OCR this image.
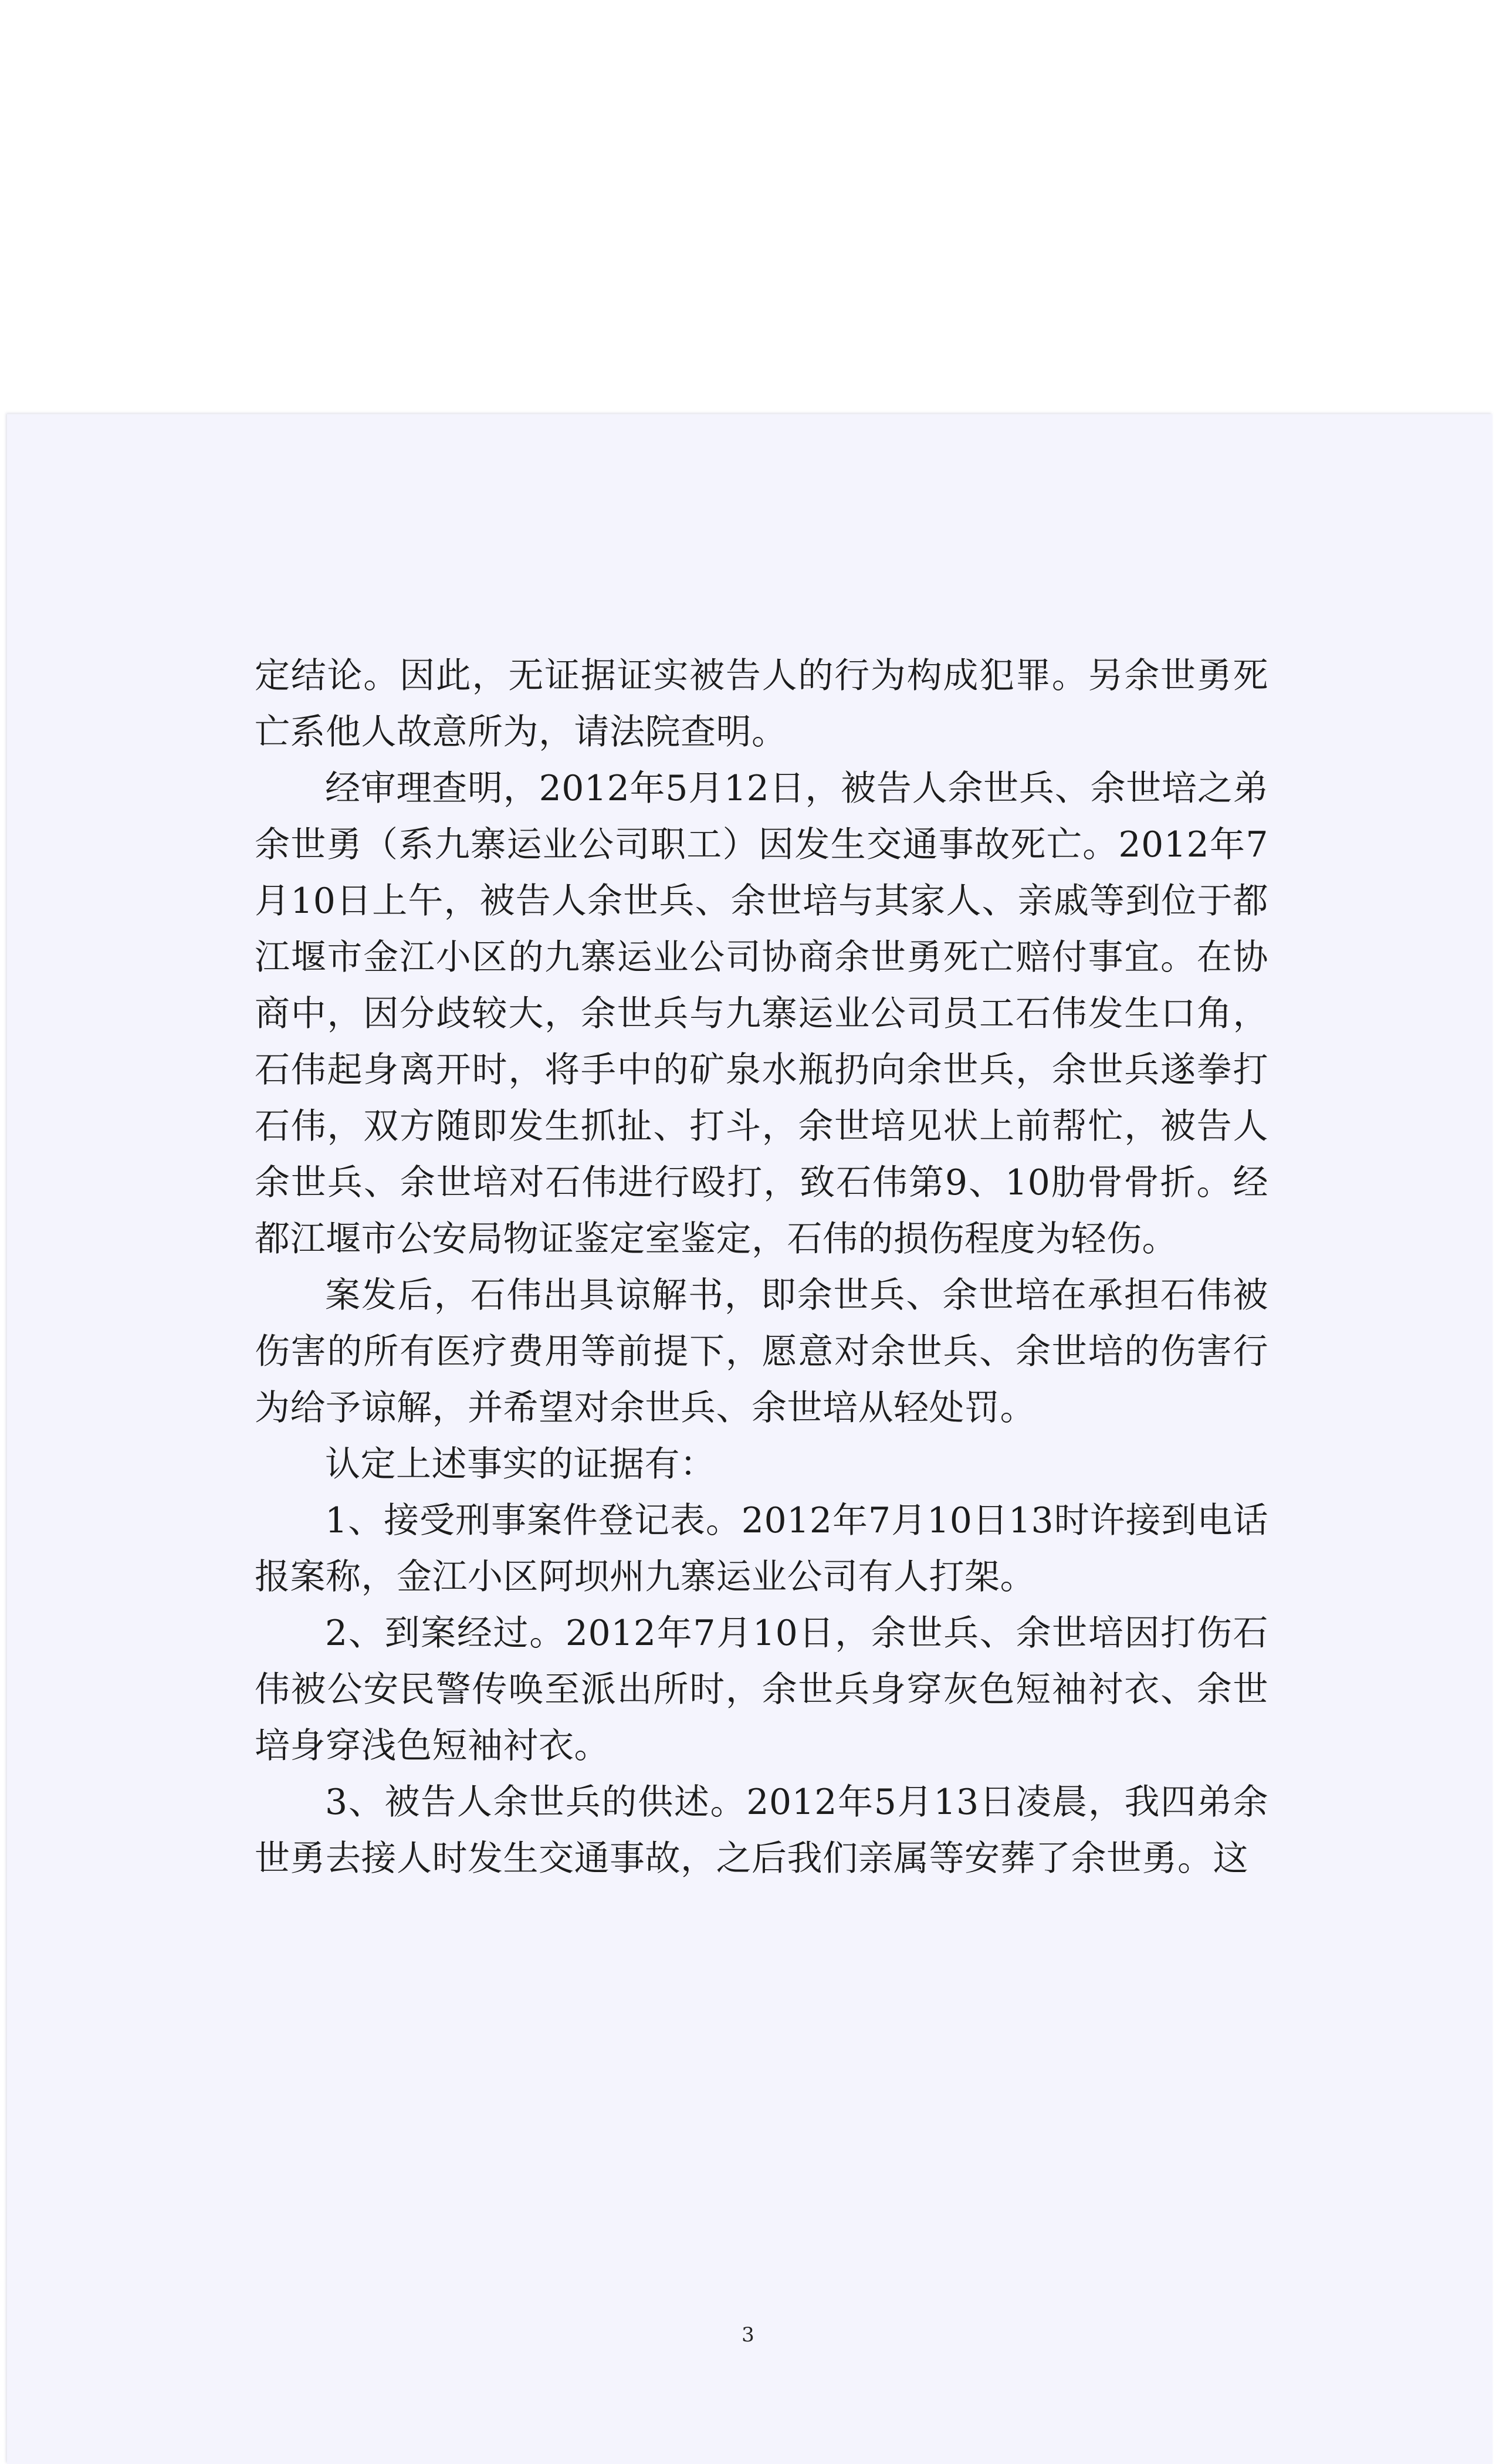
定结论。因此，无证据证实被告人的行为构成犯罪。另余世勇死亡系他人故意所为，请法院查明。

经审理查明，2012年5月12日，被告人余世兵、余世培之弟余世勇（系九寨运业公司职工）因发生交通事故死亡。2012年7月10日上午，被告人余世兵、余世培与其家人、亲戚等到位于都江堰市金江小区的九寨运业公司协商余世勇死亡赔付事宜。在协商中，因分歧较大，余世兵与九寨运业公司员工石伟发生口角，石伟起身离开时，将手中的矿泉水瓶扔向余世兵，余世兵遂拳打石伟，双方随即发生抓扯、打斗，余世培见状上前帮忙，被告人余世兵、余世培对石伟进行殴打，致石伟第9、10肋骨骨折。经都江堰市公安局物证鉴定室鉴定，石伟的损伤程度为轻伤。

案发后，石伟出具谅解书，即余世兵、余世培在承担石伟被伤害的所有医疗费用等前提下，愿意对余世兵、余世培的伤害行为给予谅解，并希望对余世兵、余世培从轻处罚。

认定上述事实的证据有：

1、接受刑事案件登记表。2012年7月10日13时许接到电话报案称，金江小区阿坝州九寨运业公司有人打架。

2、到案经过。2012年7月10日，余世兵、余世培因打伤石伟被公安民警传唤至派出所时，余世兵身穿灰色短袖衬衣、余世培身穿浅色短袖衬衣。

3、被告人余世兵的供述。2012年5月13日凌晨，我四弟余世勇去接人时发生交通事故，之后我们亲属等安葬了余世勇。这

3
